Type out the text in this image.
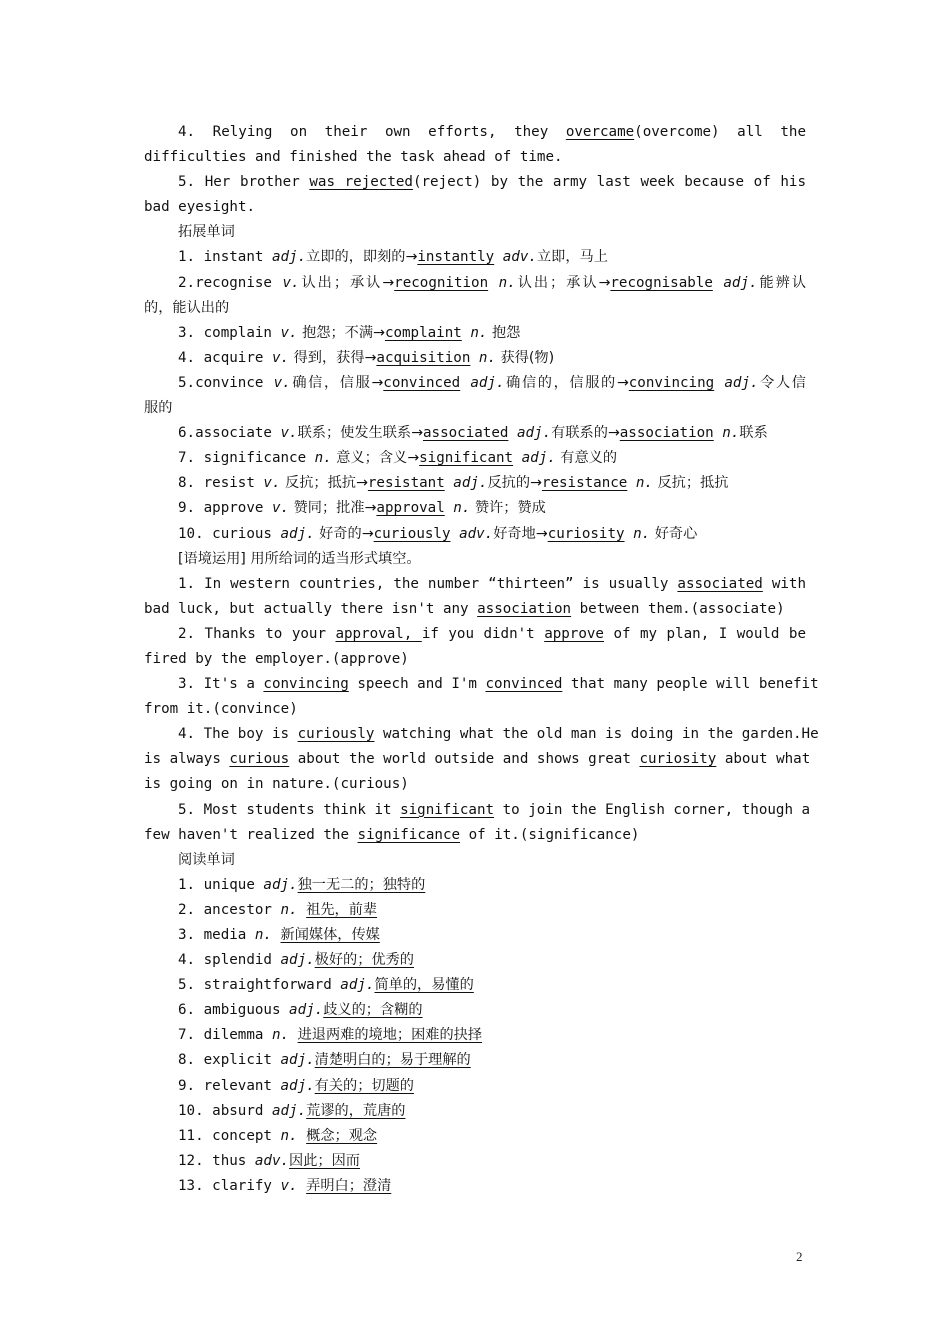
4. Relying on their own efforts, they overcame(overcome) all the
difficulties and finished the task ahead of time.
5. Her brother was rejected(reject) by the army last week because of his
bad eyesight.
拓展单词
1. instant adj.立即的，即刻的→instantly adv.立即，马上
2.recognise v.认出；承认→recognition n.认出；承认→recognisable adj.能辨认
的，能认出的
3. complain v. 抱怨；不满→complaint n. 抱怨
4. acquire v. 得到，获得→acquisition n. 获得(物)
5.convince v.确信，信服→convinced adj.确信的，信服的→convincing adj.令人信
服的
6.associate v.联系；使发生联系→associated adj.有联系的→association n.联系
7. significance n. 意义；含义→significant adj. 有意义的
8. resist v. 反抗；抵抗→resistant adj.反抗的→resistance n. 反抗；抵抗
9. approve v. 赞同；批准→approval n. 赞许；赞成
10. curious adj. 好奇的→curiously adv.好奇地→curiosity n. 好奇心
[语境运用] 用所给词的适当形式填空。
1. In western countries, the number “thirteen” is usually associated with
bad luck, but actually there isn't any association between them.(associate)
2. Thanks to your approval, if you didn't approve of my plan, I would be
fired by the employer.(approve)
3. It's a convincing speech and I'm convinced that many people will benefit
from it.(convince)
4. The boy is curiously watching what the old man is doing in the garden.He
is always curious about the world outside and shows great curiosity about what
is going on in nature.(curious)
5. Most students think it significant to join the English corner, though a
few haven't realized the significance of it.(significance)
阅读单词
1. unique adj.独一无二的；独特的
2. ancestor n. 祖先，前辈
3. media n. 新闻媒体，传媒
4. splendid adj.极好的；优秀的
5. straightforward adj.简单的，易懂的
6. ambiguous adj.歧义的；含糊的
7. dilemma n. 进退两难的境地；困难的抉择
8. explicit adj.清楚明白的；易于理解的
9. relevant adj.有关的；切题的
10. absurd adj.荒谬的，荒唐的
11. concept n. 概念；观念
12. thus adv.因此；因而
13. clarify v. 弄明白；澄清
2
